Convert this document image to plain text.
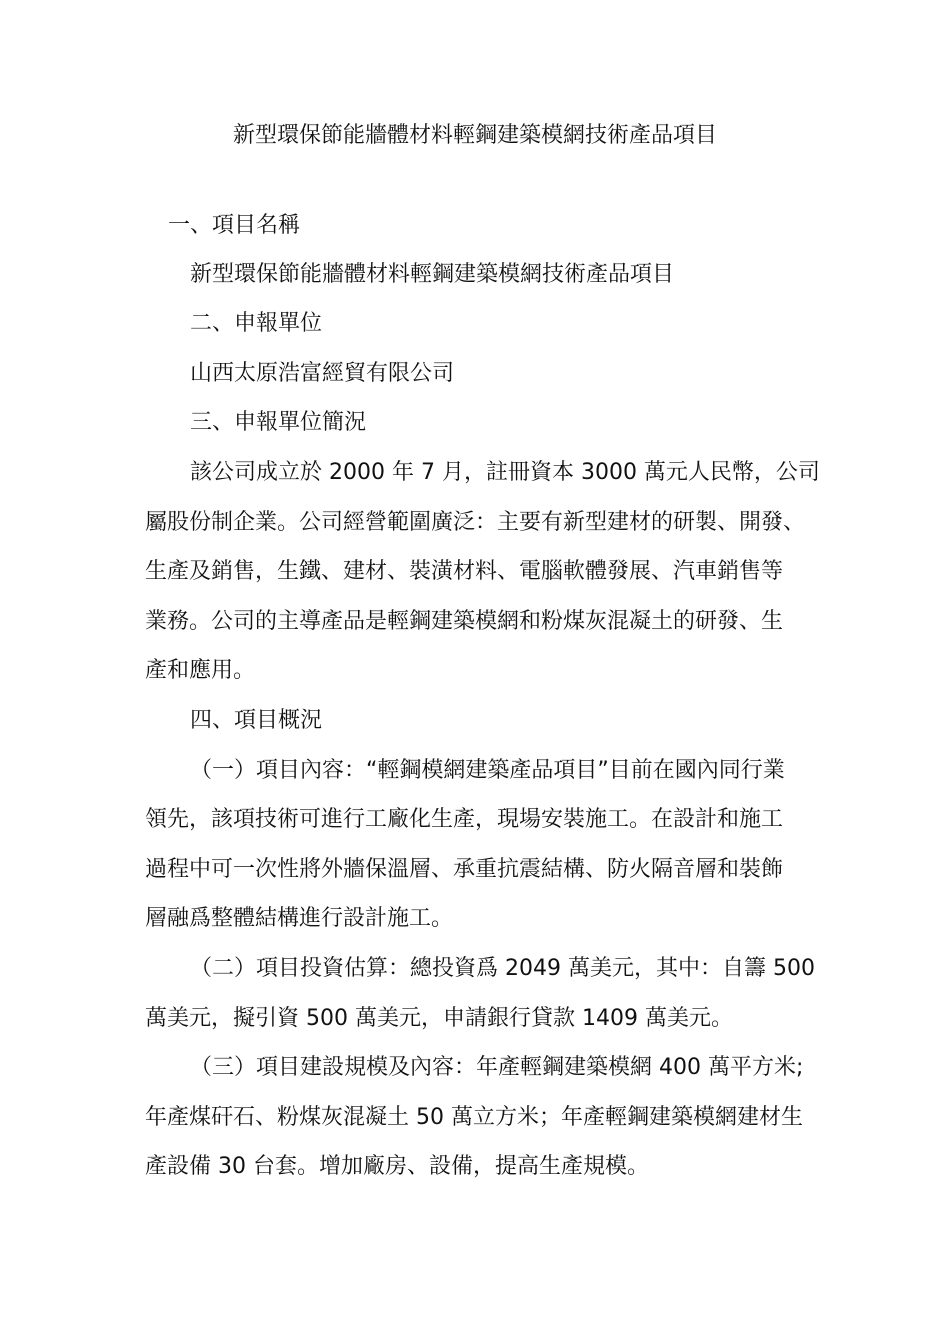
新型環保節能牆體材料輕鋼建築模網技術產品項目
一、項目名稱
新型環保節能牆體材料輕鋼建築模網技術產品項目
二、申報單位
山西太原浩富經貿有限公司
三、申報單位簡況
該公司成立於 2000 年 7 月，註冊資本 3000 萬元人民幣，公司
屬股份制企業。公司經營範圍廣泛：主要有新型建材的研製、開發、
生產及銷售，生鐵、建材、裝潢材料、電腦軟體發展、汽車銷售等
業務。公司的主導產品是輕鋼建築模網和粉煤灰混凝土的研發、生
產和應用。
四、項目概況
（一）項目內容：“輕鋼模網建築產品項目”目前在國內同行業
領先，該項技術可進行工廠化生產，現場安裝施工。在設計和施工
過程中可一次性將外牆保溫層、承重抗震結構、防火隔音層和裝飾
層融爲整體結構進行設計施工。
（二）項目投資估算：總投資爲 2049 萬美元，其中：自籌 500
萬美元，擬引資 500 萬美元，申請銀行貸款 1409 萬美元。
（三）項目建設規模及內容：年產輕鋼建築模網 400 萬平方米;
年產煤矸石、粉煤灰混凝土 50 萬立方米；年產輕鋼建築模網建材生
產設備 30 台套。增加廠房、設備，提高生產規模。
